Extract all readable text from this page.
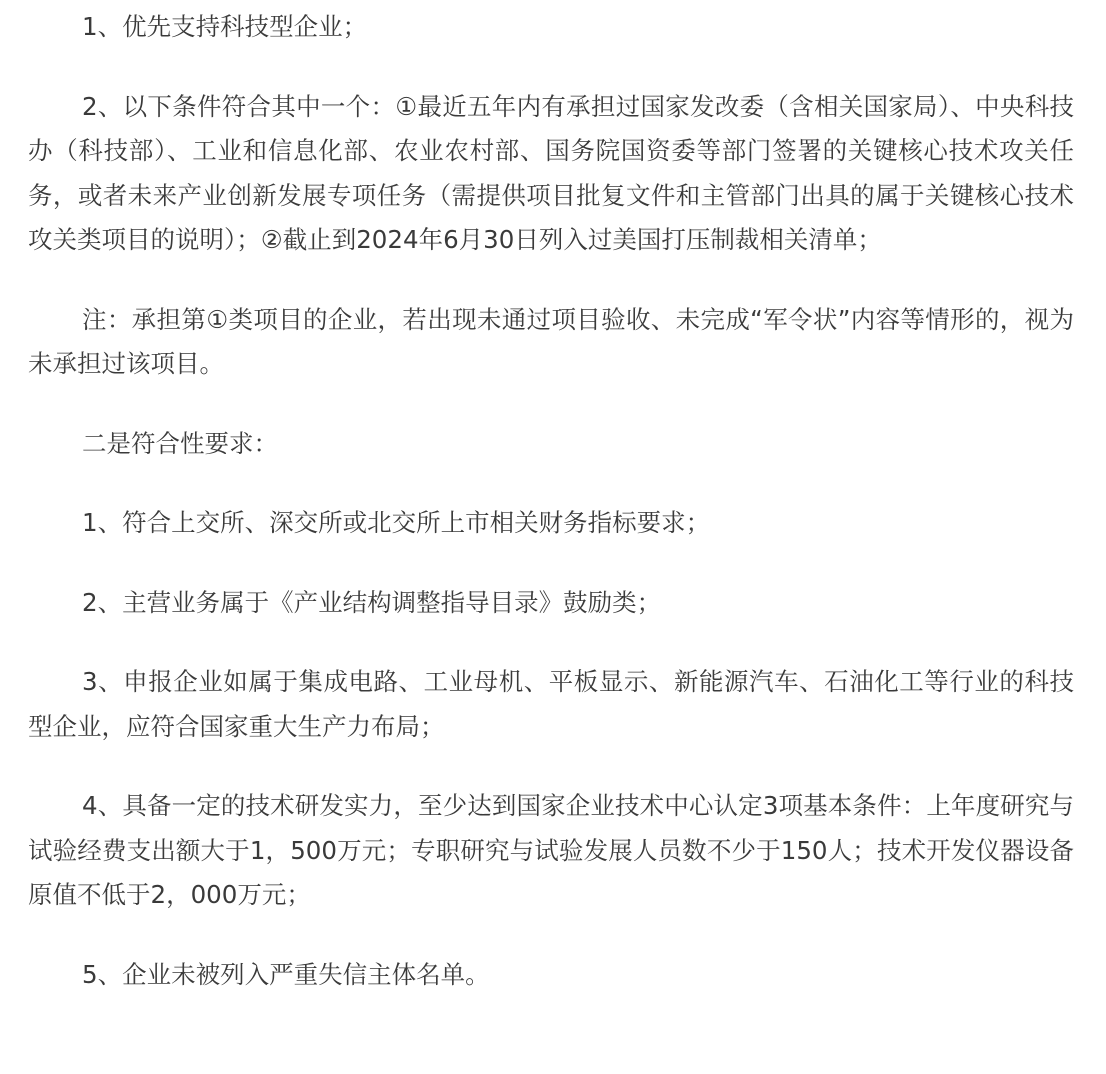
1、优先支持科技型企业；

2、以下条件符合其中一个：①最近五年内有承担过国家发改委（含相关国家局）、中央科技办（科技部）、工业和信息化部、农业农村部、国务院国资委等部门签署的关键核心技术攻关任务，或者未来产业创新发展专项任务（需提供项目批复文件和主管部门出具的属于关键核心技术攻关类项目的说明）；②截止到2024年6月30日列入过美国打压制裁相关清单；

注：承担第①类项目的企业，若出现未通过项目验收、未完成“军令状”内容等情形的，视为未承担过该项目。

二是符合性要求：

1、符合上交所、深交所或北交所上市相关财务指标要求；

2、主营业务属于《产业结构调整指导目录》鼓励类；

3、申报企业如属于集成电路、工业母机、平板显示、新能源汽车、石油化工等行业的科技型企业，应符合国家重大生产力布局；

4、具备一定的技术研发实力，至少达到国家企业技术中心认定3项基本条件：上年度研究与试验经费支出额大于1，500万元；专职研究与试验发展人员数不少于150人；技术开发仪器设备原值不低于2，000万元；

5、企业未被列入严重失信主体名单。
